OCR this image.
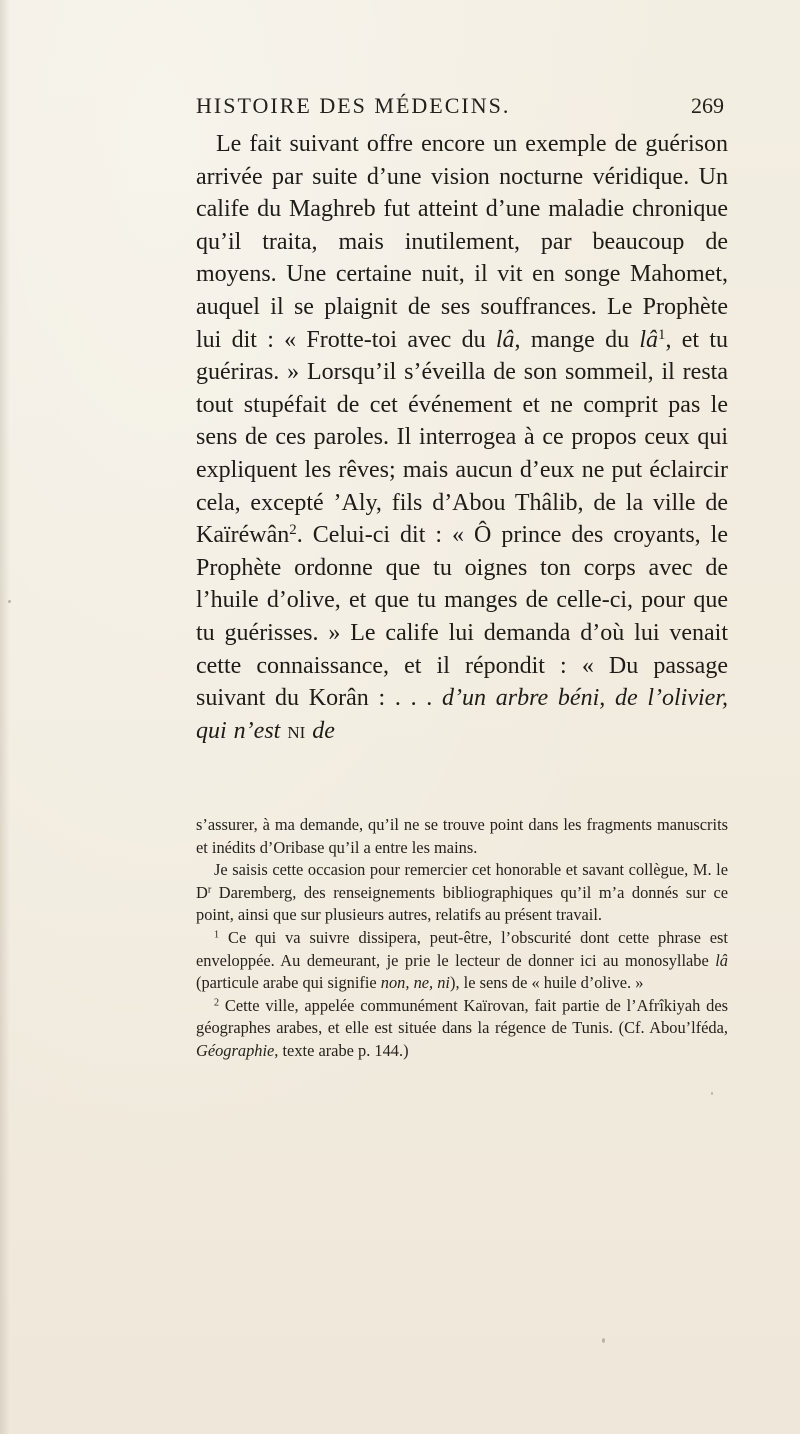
HISTOIRE DES MÉDECINS.	269

Le fait suivant offre encore un exemple de guérison arrivée par suite d’une vision nocturne véridique. Un calife du Maghreb fut atteint d’une maladie chronique qu’il traita, mais inutilement, par beaucoup de moyens. Une certaine nuit, il vit en songe Mahomet, auquel il se plaignit de ses souffrances. Le Prophète lui dit : « Frotte-toi avec du lâ, mange du $lâ^1$, et tu guériras. » Lorsqu’il s’éveilla de son sommeil, il resta tout stupéfait de cet événement et ne comprit pas le sens de ces paroles. Il interrogea à ce propos ceux qui expliquent les rêves; mais aucun d’eux ne put éclaircir cela, excepté ’Aly, fils d’Abou Thâlib, de la ville de Kaïréwân$^2$. Celui-ci dit : « Ô prince des croyants, le Prophète ordonne que tu oignes ton corps avec de l’huile d’olive, et que tu manges de celle-ci, pour que tu guérisses. » Le calife lui demanda d’où lui venait cette connaissance, et il répondit : « Du passage suivant du Korân : . . . d’un arbre béni, de l’olivier, qui n’est ni de

s’assurer, à ma demande, qu’il ne se trouve point dans les fragments manuscrits et inédits d’Oribase qu’il a entre les mains.

Je saisis cette occasion pour remercier cet honorable et savant collègue, M. le $D^r$ Daremberg, des renseignements bibliographiques qu’il m’a donnés sur ce point, ainsi que sur plusieurs autres, relatifs au présent travail.

$^1$ Ce qui va suivre dissipera, peut-être, l’obscurité dont cette phrase est enveloppée. Au demeurant, je prie le lecteur de donner ici au monosyllabe lâ (particule arabe qui signifie non, ne, ni), le sens de « huile d’olive. »

$^2$ Cette ville, appelée communément Kaïrovan, fait partie de l’Afrîkiyah des géographes arabes, et elle est située dans la régence de Tunis. (Cf. Abou’lféda, Géographie, texte arabe p. 144.)
